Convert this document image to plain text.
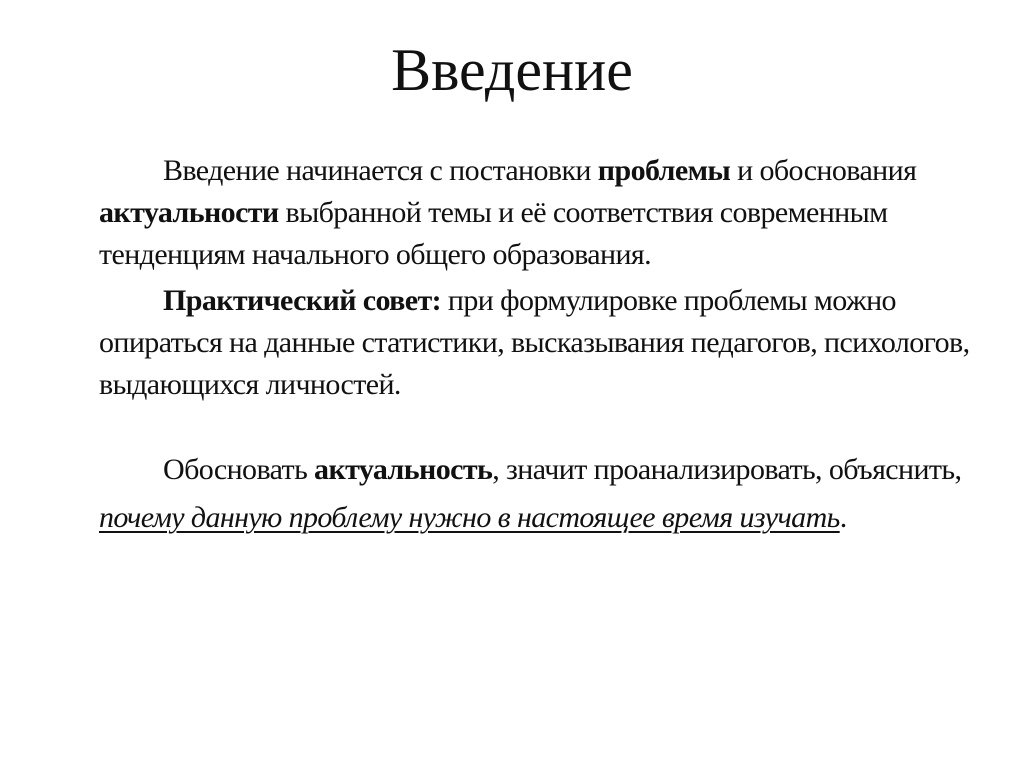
Введение

Введение начинается с постановки проблемы и обоснования актуальности выбранной темы и её соответствия современным тенденциям начального общего образования.

Практический совет: при формулировке проблемы можно опираться на данные статистики, высказывания педагогов, психологов, выдающихся личностей.

Обосновать актуальность, значит проанализировать, объяснить, почему данную проблему нужно в настоящее время изучать.
